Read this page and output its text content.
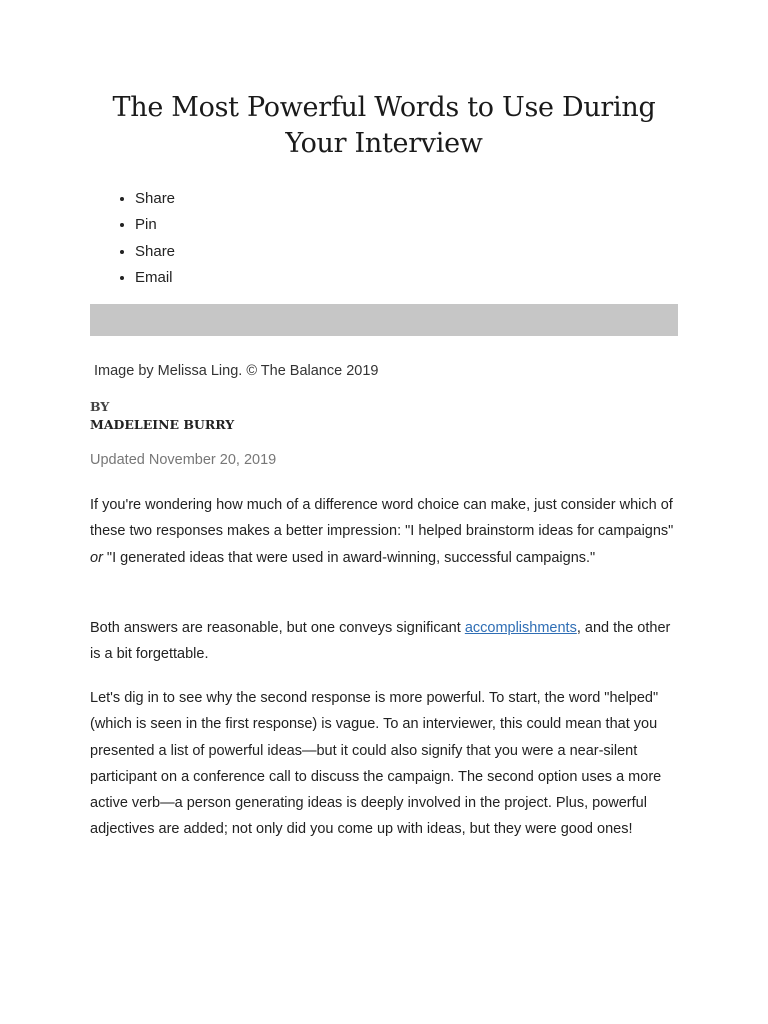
The Most Powerful Words to Use During Your Interview
• Share
• Pin
• Share
• Email
Image by Melissa Ling. © The Balance 2019
BY
MADELEINE BURRY
Updated November 20, 2019

If you're wondering how much of a difference word choice can make, just consider which of these two responses makes a better impression: "I helped brainstorm ideas for campaigns" or "I generated ideas that were used in award-winning, successful campaigns."

Both answers are reasonable, but one conveys significant accomplishments, and the other is a bit forgettable.

Let's dig in to see why the second response is more powerful. To start, the word "helped" (which is seen in the first response) is vague. To an interviewer, this could mean that you presented a list of powerful ideas—but it could also signify that you were a near-silent participant on a conference call to discuss the campaign. The second option uses a more active verb—a person generating ideas is deeply involved in the project. Plus, powerful adjectives are added; not only did you come up with ideas, but they were good ones!
